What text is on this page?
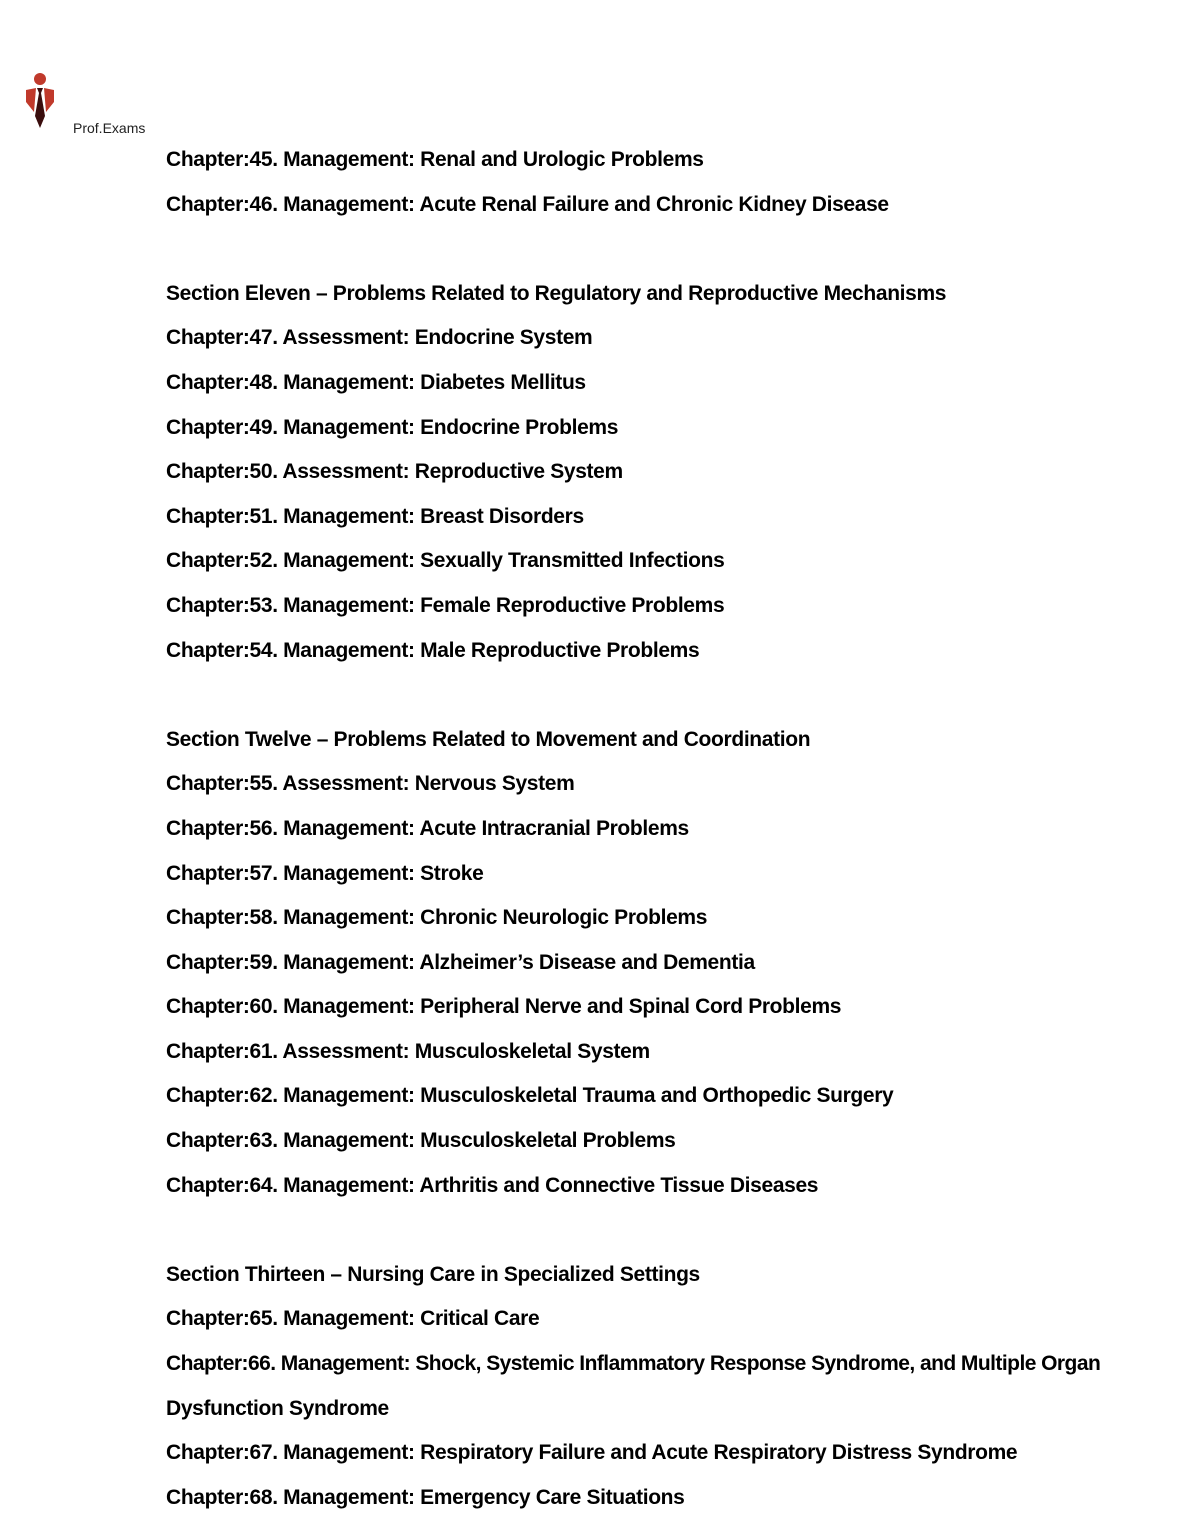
Prof.Exams
Chapter:45. Management: Renal and Urologic Problems
Chapter:46. Management: Acute Renal Failure and Chronic Kidney Disease
Section Eleven – Problems Related to Regulatory and Reproductive Mechanisms
Chapter:47. Assessment: Endocrine System
Chapter:48. Management: Diabetes Mellitus
Chapter:49. Management: Endocrine Problems
Chapter:50. Assessment: Reproductive System
Chapter:51. Management: Breast Disorders
Chapter:52. Management: Sexually Transmitted Infections
Chapter:53. Management: Female Reproductive Problems
Chapter:54. Management: Male Reproductive Problems
Section Twelve – Problems Related to Movement and Coordination
Chapter:55. Assessment: Nervous System
Chapter:56. Management: Acute Intracranial Problems
Chapter:57. Management: Stroke
Chapter:58. Management: Chronic Neurologic Problems
Chapter:59. Management: Alzheimer’s Disease and Dementia
Chapter:60. Management: Peripheral Nerve and Spinal Cord Problems
Chapter:61. Assessment: Musculoskeletal System
Chapter:62. Management: Musculoskeletal Trauma and Orthopedic Surgery
Chapter:63. Management: Musculoskeletal Problems
Chapter:64. Management: Arthritis and Connective Tissue Diseases
Section Thirteen – Nursing Care in Specialized Settings
Chapter:65. Management: Critical Care
Chapter:66. Management: Shock, Systemic Inflammatory Response Syndrome, and Multiple Organ
Dysfunction Syndrome
Chapter:67. Management: Respiratory Failure and Acute Respiratory Distress Syndrome
Chapter:68. Management: Emergency Care Situations
